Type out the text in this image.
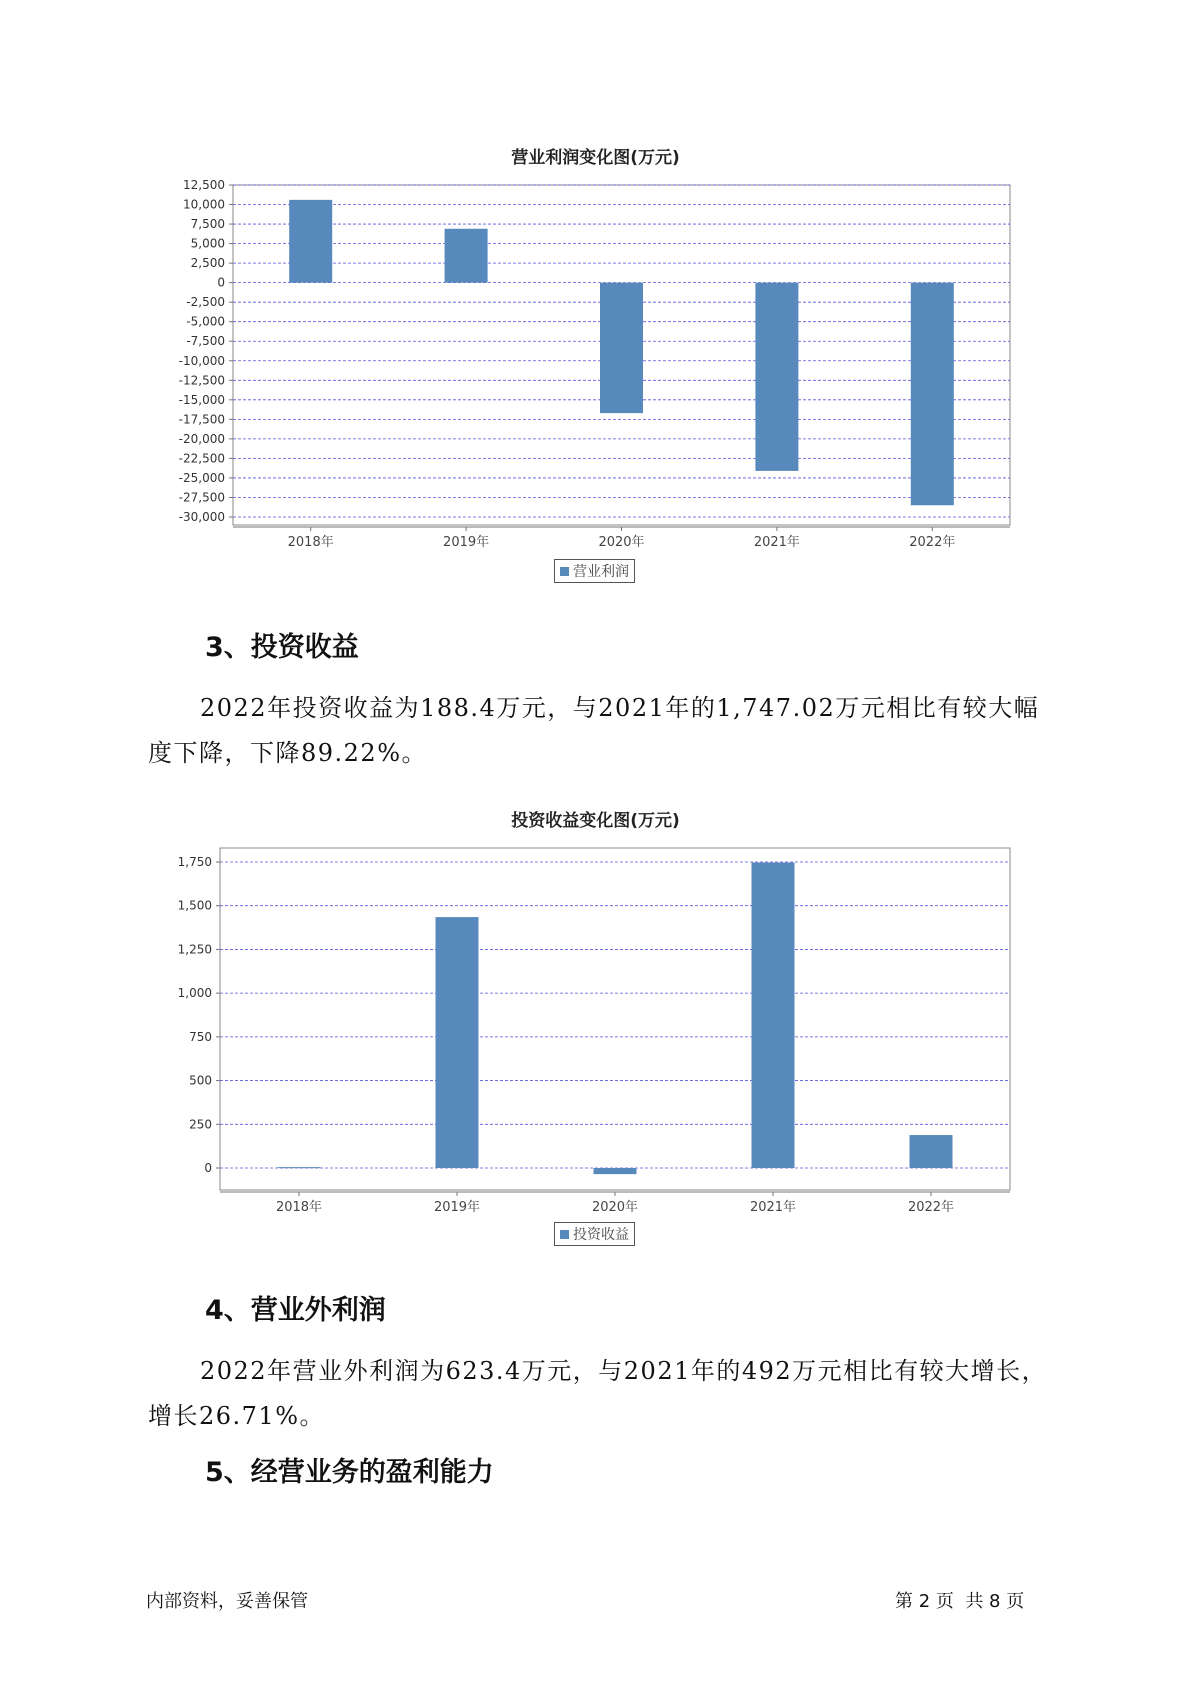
营业利润变化图(万元)
12,500
10,000
7,500
5,000
2,500
0
-2,500
-5,000
-7,500
-10,000
-12,500
-15,000
-17,500
-20,000
-22,500
-25,000
-27,500
-30,000
2018年	2019年	2020年	2021年	2022年
营业利润
3、投资收益
2022年投资收益为188.4万元，与2021年的1,747.02万元相比有较大幅度下降，下降89.22%。
投资收益变化图(万元)
1,750
1,500
1,250
1,000
750
500
250
0
2018年	2019年	2020年	2021年	2022年
投资收益
4、营业外利润
2022年营业外利润为623.4万元，与2021年的492万元相比有较大增长，增长26.71%。
5、经营业务的盈利能力
内部资料，妥善保管	第 2 页  共 8 页
